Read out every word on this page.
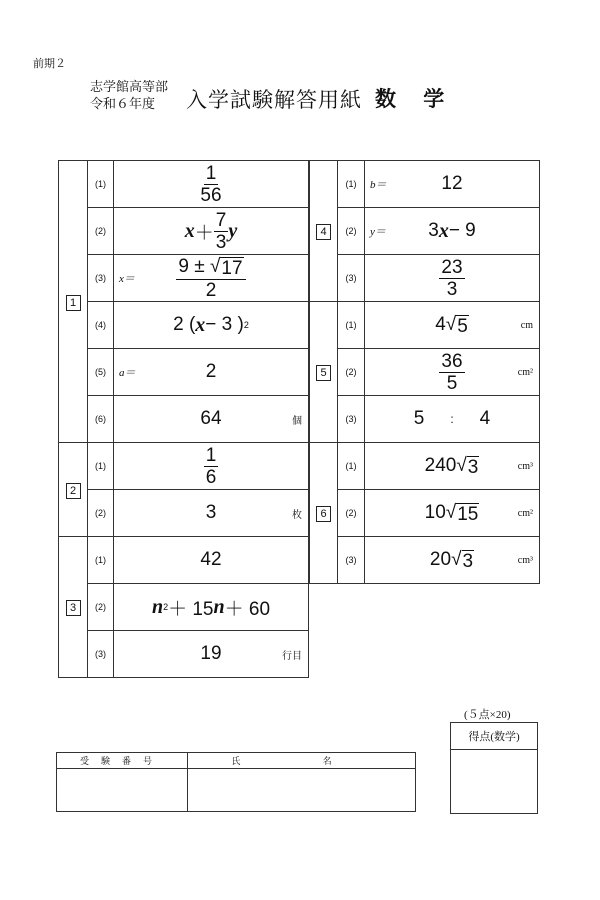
前期２
志学館高等部
令和６年度	入学試験解答用紙 数 学
1	(1)	$\frac{1}{56}$

	(2)	$x + \frac{7}{3}$ y

	(3)	$x= \frac{9 \pm √ 17}{2}$

	(4)	2 ( x − 3 ) 2

	(5)	a＝ 2

	(6)	64 個

2	(1)	$\frac{1}{6}$

	(2)	3 枚

3	(1)	42

	(2)	n 2 ＋ 15 n ＋ 60

	(3)	19 行目
4	(1)	b＝ 12

	(2)	y＝ 3 x − 9

	(3)	$\frac{23}{3}$

5	(1)	4 √ 5 cm

	(2)	$\frac{36}{5} cm^2$

	(3)	5 : 4

6	(1)	240 √ 3 cm³

	(2)	10 √ 15 cm²

	(3)	20 √ 3 cm³
(５点×20)
得点(数学)
受験番号	氏 名
